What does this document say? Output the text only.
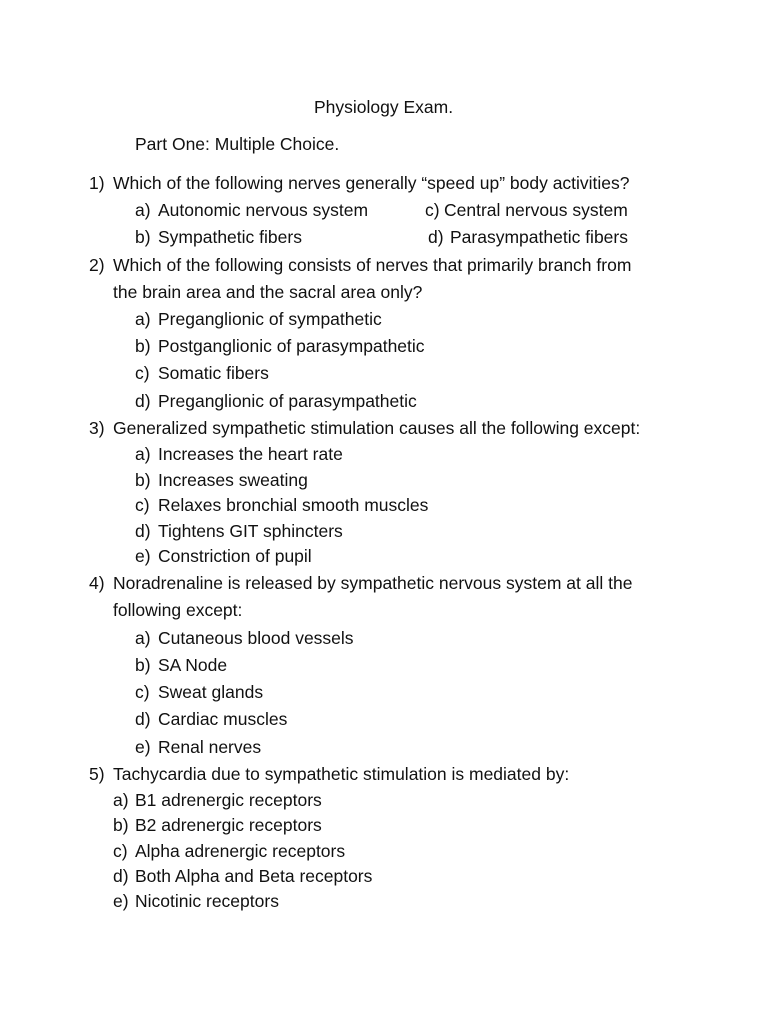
Physiology Exam.
Part One: Multiple Choice.
1) Which of the following nerves generally “speed up” body activities?
a) Autonomic nervous system	c) Central nervous system
b) Sympathetic fibers	d) Parasympathetic fibers
2) Which of the following consists of nerves that primarily branch from
the brain area and the sacral area only?
a) Preganglionic of sympathetic
b) Postganglionic of parasympathetic
c) Somatic fibers
d) Preganglionic of parasympathetic
3) Generalized sympathetic stimulation causes all the following except:
a) Increases the heart rate
b) Increases sweating
c) Relaxes bronchial smooth muscles
d) Tightens GIT sphincters
e) Constriction of pupil
4) Noradrenaline is released by sympathetic nervous system at all the
following except:
a) Cutaneous blood vessels
b) SA Node
c) Sweat glands
d) Cardiac muscles
e) Renal nerves
5) Tachycardia due to sympathetic stimulation is mediated by:
a) B1 adrenergic receptors
b) B2 adrenergic receptors
c) Alpha adrenergic receptors
d) Both Alpha and Beta receptors
e) Nicotinic receptors
